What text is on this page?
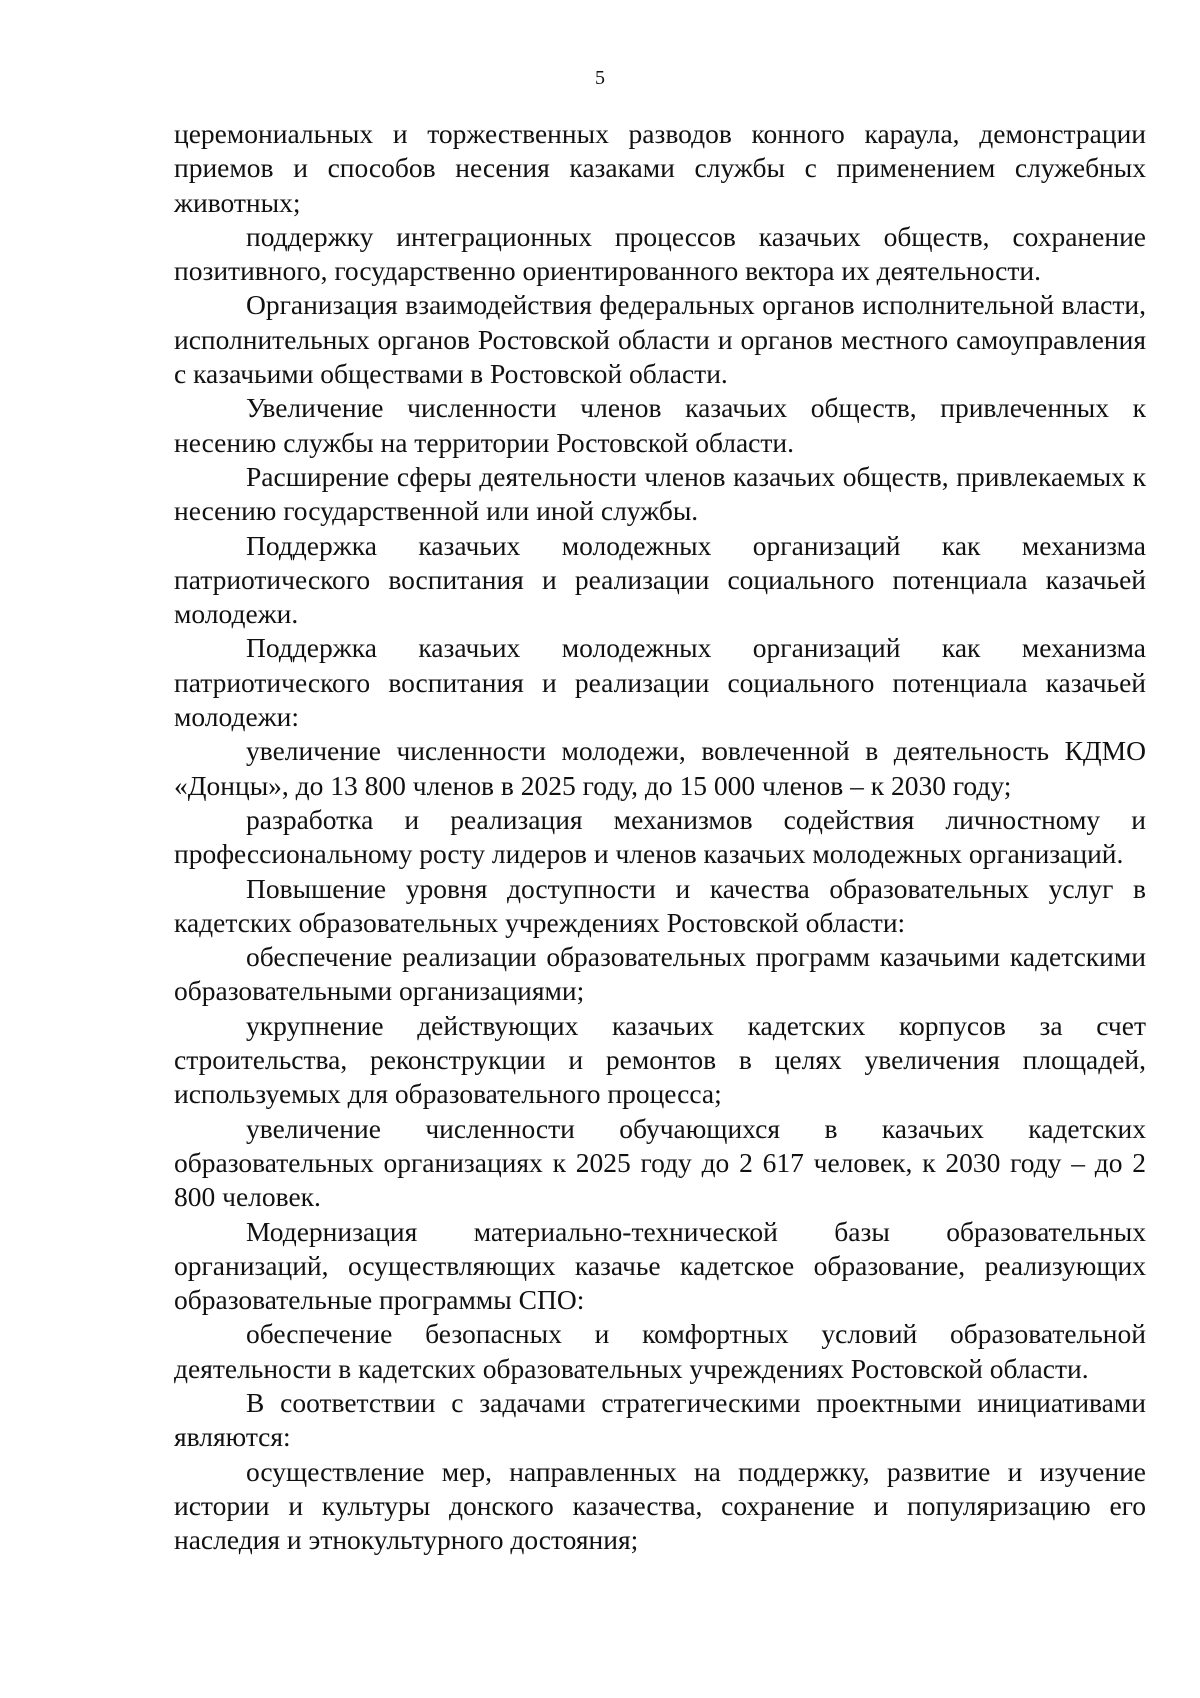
5

церемониальных и торжественных разводов конного караула, демонстрации приемов и способов несения казаками службы с применением служебных животных;

поддержку интеграционных процессов казачьих обществ, сохранение позитивного, государственно ориентированного вектора их деятельности.

Организация взаимодействия федеральных органов исполнительной власти, исполнительных органов Ростовской области и органов местного самоуправления с казачьими обществами в Ростовской области.

Увеличение численности членов казачьих обществ, привлеченных к несению службы на территории Ростовской области.

Расширение сферы деятельности членов казачьих обществ, привлекаемых к несению государственной или иной службы.

Поддержка казачьих молодежных организаций как механизма патриотического воспитания и реализации социального потенциала казачьей молодежи.

Поддержка казачьих молодежных организаций как механизма патриотического воспитания и реализации социального потенциала казачьей молодежи:

увеличение численности молодежи, вовлеченной в деятельность КДМО «Донцы», до 13 800 членов в 2025 году, до 15 000 членов – к 2030 году;

разработка и реализация механизмов содействия личностному и профессиональному росту лидеров и членов казачьих молодежных организаций.

Повышение уровня доступности и качества образовательных услуг в кадетских образовательных учреждениях Ростовской области:

обеспечение реализации образовательных программ казачьими кадетскими образовательными организациями;

укрупнение действующих казачьих кадетских корпусов за счет строительства, реконструкции и ремонтов в целях увеличения площадей, используемых для образовательного процесса;

увеличение численности обучающихся в казачьих кадетских образовательных организациях к 2025 году до 2 617 человек, к 2030 году – до 2 800 человек.

Модернизация материально-технической базы образовательных организаций, осуществляющих казачье кадетское образование, реализующих образовательные программы СПО:

обеспечение безопасных и комфортных условий образовательной деятельности в кадетских образовательных учреждениях Ростовской области.

В соответствии с задачами стратегическими проектными инициативами являются:

осуществление мер, направленных на поддержку, развитие и изучение истории и культуры донского казачества, сохранение и популяризацию его наследия и этнокультурного достояния;
